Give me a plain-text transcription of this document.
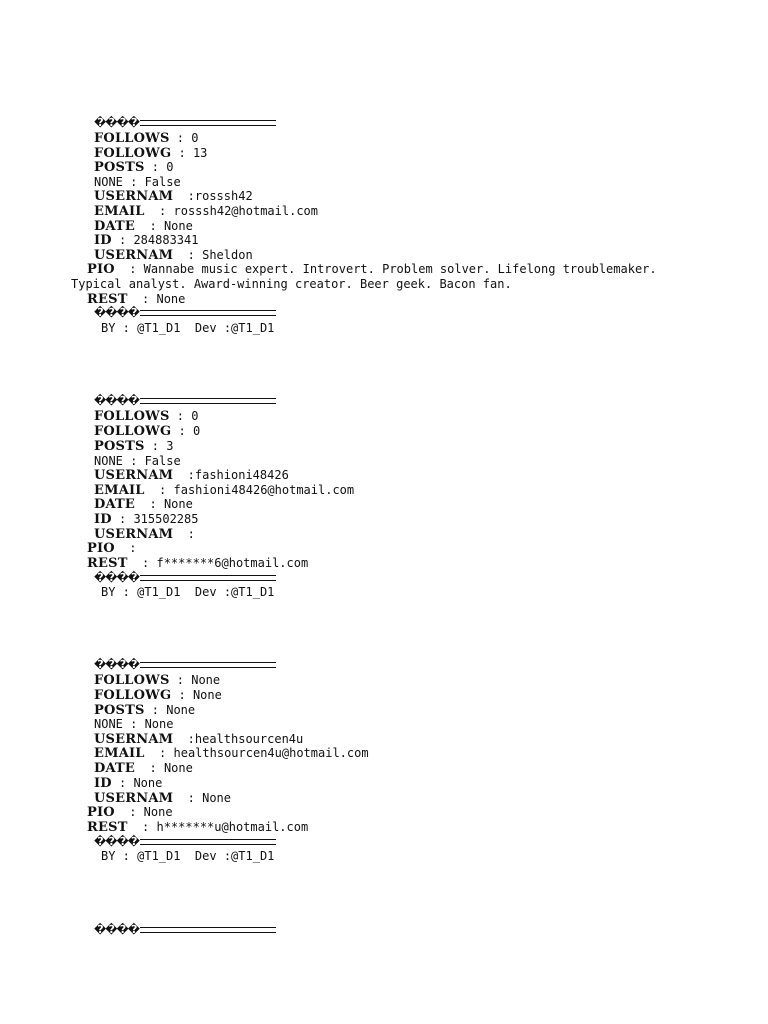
����
FOLLOWS : 0
FOLLOWG : 13
POSTS : 0
NONE : False
USERNAM  :rosssh42
EMAIL  : rosssh42@hotmail.com
DATE  : None
ID : 284883341
USERNAM  : Sheldon
PIO  : Wannabe music expert. Introvert. Problem solver. Lifelong troublemaker.
Typical analyst. Award-winning creator. Beer geek. Bacon fan.
REST  : None
����
BY : @T1_D1  Dev :@T1_D1
����
FOLLOWS : 0
FOLLOWG : 0
POSTS : 3
NONE : False
USERNAM  :fashioni48426
EMAIL  : fashioni48426@hotmail.com
DATE  : None
ID : 315502285
USERNAM  :
PIO  :
REST  : f*******6@hotmail.com
����
BY : @T1_D1  Dev :@T1_D1
����
FOLLOWS : None
FOLLOWG : None
POSTS : None
NONE : None
USERNAM  :healthsourcen4u
EMAIL  : healthsourcen4u@hotmail.com
DATE  : None
ID : None
USERNAM  : None
PIO  : None
REST  : h*******u@hotmail.com
����
BY : @T1_D1  Dev :@T1_D1
����
